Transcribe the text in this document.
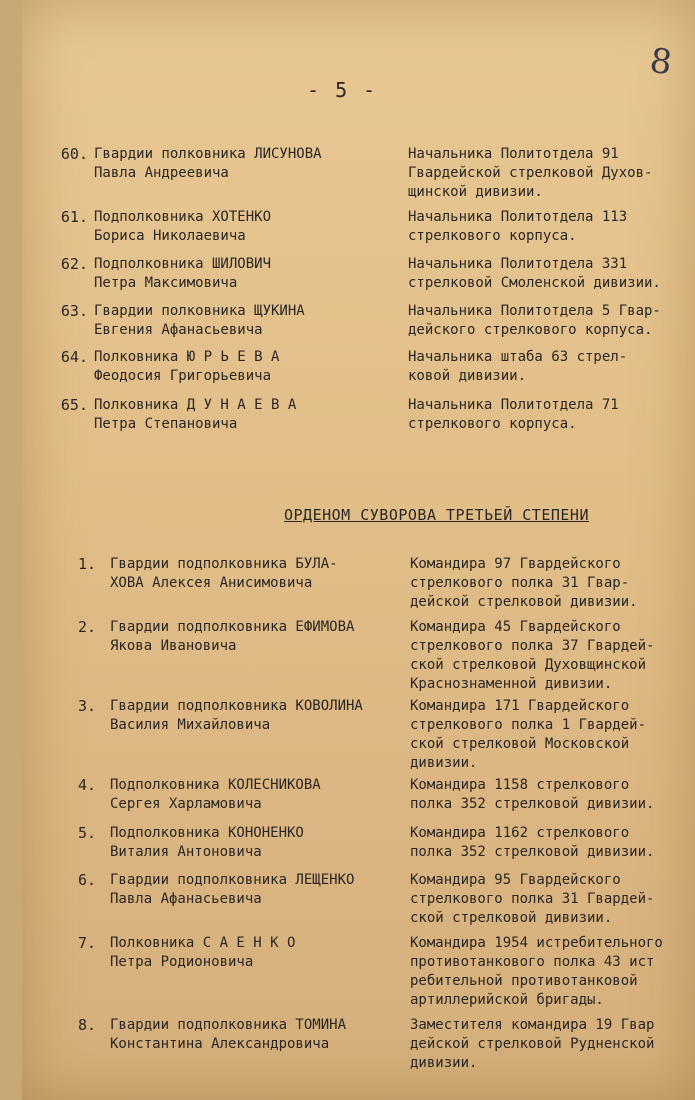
- 5 -
8
60. Гвардии полковника ЛИСУНОВА
Павла Андреевича
Начальника Политотдела 91
Гвардейской стрелковой Духов-
щинской дивизии.
61. Подполковника ХОТЕНКО
Бориса Николаевича
Начальника Политотдела 113
стрелкового корпуса.
62. Подполковника ШИЛОВИЧ
Петра Максимовича
Начальника Политотдела 331
стрелковой Смоленской дивизии.
63. Гвардии полковника ЩУКИНА
Евгения Афанасьевича
Начальника Политотдела 5 Гвар-
дейского стрелкового корпуса.
64. Полковника Ю Р Ь Е В А
Феодосия Григорьевича
Начальника штаба 63 стрел-
ковой дивизии.
65. Полковника Д У Н А Е В А
Петра Степановича
Начальника Политотдела 71
стрелкового корпуса.
ОРДЕНОМ СУВОРОВА ТРЕТЬЕЙ СТЕПЕНИ
1. Гвардии подполковника БУЛА-
ХОВА Алексея Анисимовича
Командира 97 Гвардейского
стрелкового полка 31 Гвар-
дейской стрелковой дивизии.
2. Гвардии подполковника ЕФИМОВА
Якова Ивановича
Командира 45 Гвардейского
стрелкового полка 37 Гвардей-
ской стрелковой Духовщинской
Краснознаменной дивизии.
3. Гвардии подполковника КОВОЛИНА
Василия Михайловича
Командира 171 Гвардейского
стрелкового полка 1 Гвардей-
ской стрелковой Московской
дивизии.
4. Подполковника КОЛЕСНИКОВА
Сергея Харламовича
Командира 1158 стрелкового
полка 352 стрелковой дивизии.
5. Подполковника КОНОНЕНКО
Виталия Антоновича
Командира 1162 стрелкового
полка 352 стрелковой дивизии.
6. Гвардии подполковника ЛЕЩЕНКО
Павла Афанасьевича
Командира 95 Гвардейского
стрелкового полка 31 Гвардей-
ской стрелковой дивизии.
7. Полковника С А Е Н К О
Петра Родионовича
Командира 1954 истребительного
противотанкового полка 43 ист
ребительной противотанковой
артиллерийской бригады.
8. Гвардии подполковника ТОМИНА
Константина Александровича
Заместителя командира 19 Гвар
дейской стрелковой Рудненской
дивизии.
